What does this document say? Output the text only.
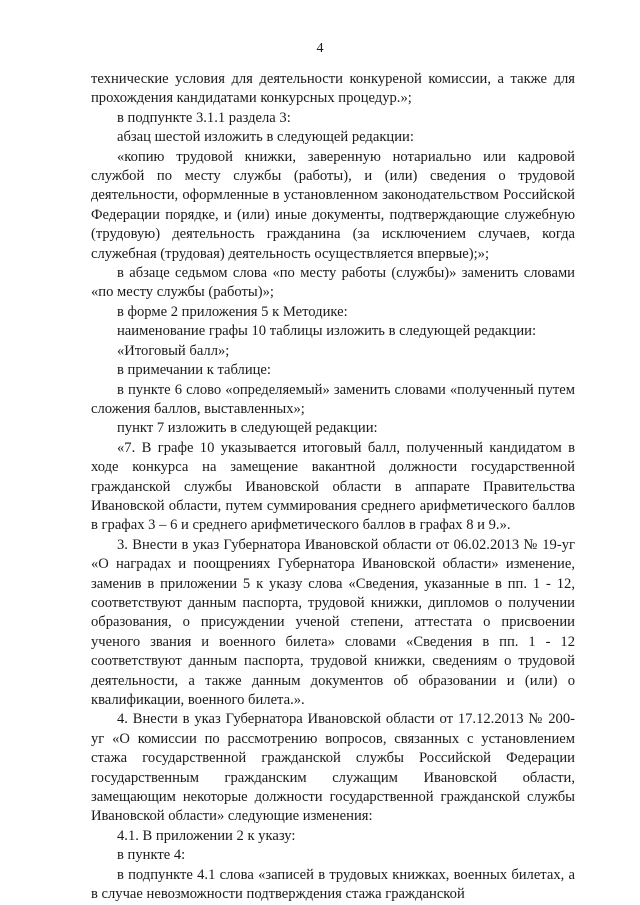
4

технические условия для деятельности конкуреной комиссии, а также для прохождения кандидатами конкурсных процедур.»;

в подпункте 3.1.1 раздела 3:

абзац шестой изложить в следующей редакции:

«копию трудовой книжки, заверенную нотариально или кадровой службой по месту службы (работы), и (или) сведения о трудовой деятельности, оформленные в установленном законодательством Российской Федерации порядке, и (или) иные документы, подтверждающие служебную (трудовую) деятельность гражданина (за исключением случаев, когда служебная (трудовая) деятельность осуществляется впервые);»;

в абзаце седьмом слова «по месту работы (службы)» заменить словами «по месту службы (работы)»;

в форме 2 приложения 5 к Методике:

наименование графы 10 таблицы изложить в следующей редакции:

«Итоговый балл»;

в примечании к таблице:

в пункте 6 слово «определяемый» заменить словами «полученный путем сложения баллов, выставленных»;

пункт 7 изложить в следующей редакции:

«7. В графе 10 указывается итоговый балл, полученный кандидатом в ходе конкурса на замещение вакантной должности государственной гражданской службы Ивановской области в аппарате Правительства Ивановской области, путем суммирования среднего арифметического баллов в графах 3 – 6 и среднего арифметического баллов в графах 8 и 9.».

3. Внести в указ Губернатора Ивановской области от 06.02.2013 № 19-уг «О наградах и поощрениях Губернатора Ивановской области» изменение, заменив в приложении 5 к указу слова «Сведения, указанные в пп. 1 - 12, соответствуют данным паспорта, трудовой книжки, дипломов о получении образования, о присуждении ученой степени, аттестата о присвоении ученого звания и военного билета» словами «Сведения в пп. 1 - 12 соответствуют данным паспорта, трудовой книжки, сведениям о трудовой деятельности, а также данным документов об образовании и (или) о квалификации, военного билета.».

4. Внести в указ Губернатора Ивановской области от 17.12.2013 № 200-уг «О комиссии по рассмотрению вопросов, связанных с установлением стажа государственной гражданской службы Российской Федерации государственным гражданским служащим Ивановской области, замещающим некоторые должности государственной гражданской службы Ивановской области» следующие изменения:

4.1. В приложении 2 к указу:

в пункте 4:

в подпункте 4.1 слова «записей в трудовых книжках, военных билетах, а в случае невозможности подтверждения стажа гражданской
